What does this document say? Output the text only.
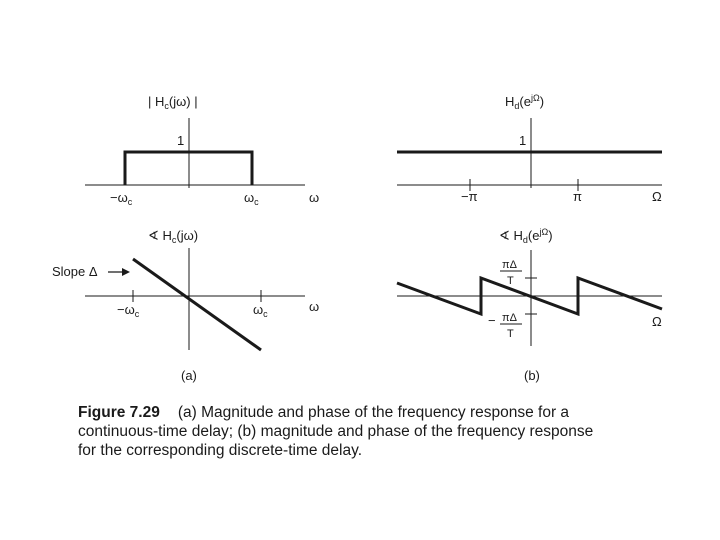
| $H_c(j\omega)$ |
1
$-\omega_c$	$\omega_c$	ω
∢ $H_c(j\omega)$
Slope Δ
$-\omega_c$	$\omega_c$	ω
(a)
$H_d(e^{j\Omega})$
1
−π	π	Ω
∢ $H_d(e^{j\Omega})$
πΔ
T
− πΔ
T
Ω
(b)
Figure 7.29 (a) Magnitude and phase of the frequency response for a
continuous-time delay; (b) magnitude and phase of the frequency response
for the corresponding discrete-time delay.
